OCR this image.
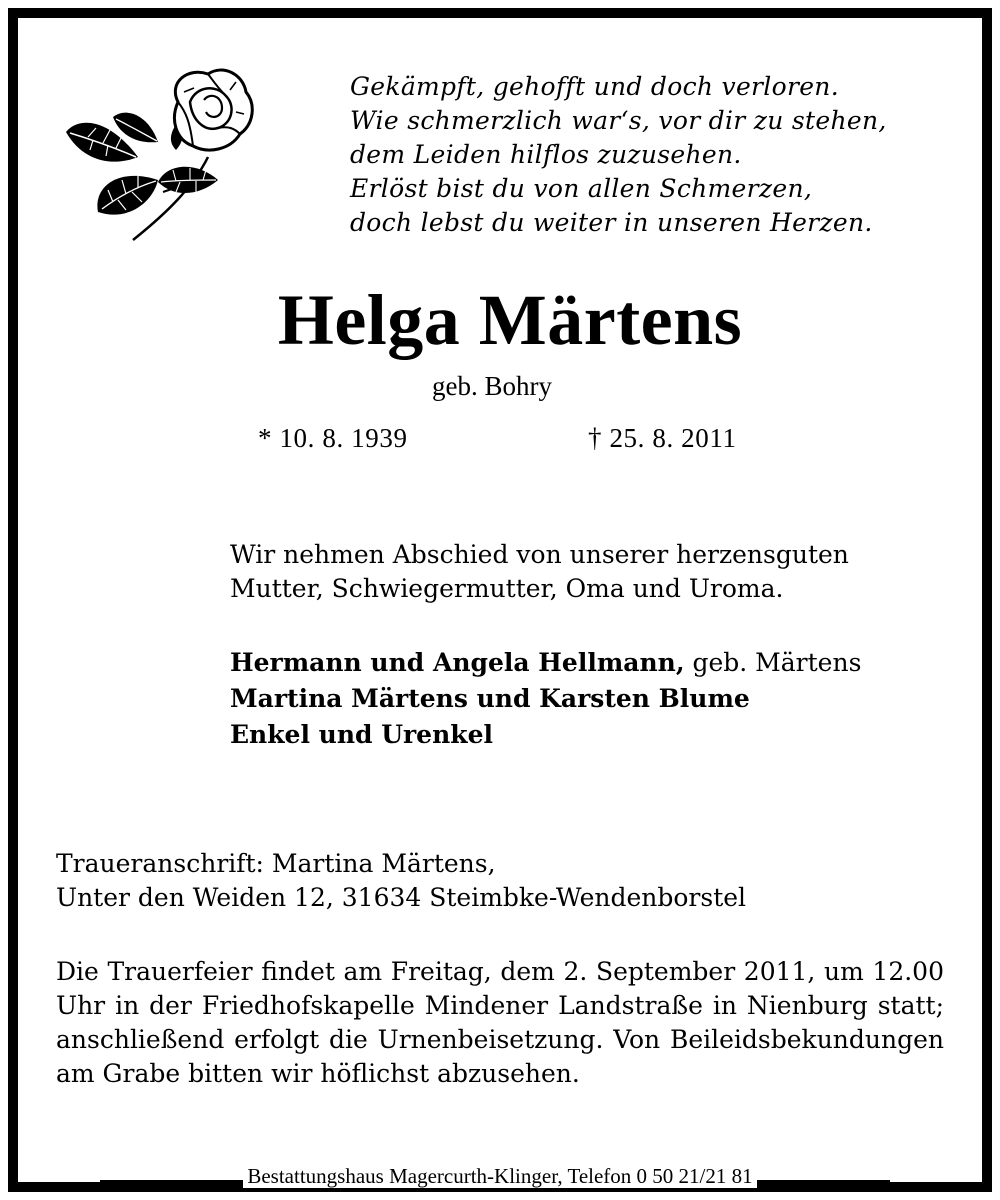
Gekämpft, gehofft und doch verloren.
Wie schmerzlich war‘s, vor dir zu stehen,
dem Leiden hilflos zuzusehen.
Erlöst bist du von allen Schmerzen,
doch lebst du weiter in unseren Herzen.
Helga Märtens
geb. Bohry
* 10. 8. 1939	† 25. 8. 2011
Wir nehmen Abschied von unserer herzensguten
Mutter, Schwiegermutter, Oma und Uroma.
Hermann und Angela Hellmann, geb. Märtens
Martina Märtens und Karsten Blume
Enkel und Urenkel
Traueranschrift: Martina Märtens,
Unter den Weiden 12, 31634 Steimbke-Wendenborstel
Die Trauerfeier findet am Freitag, dem 2. September 2011, um 12.00 Uhr in der Friedhofskapelle Mindener Landstraße in Nienburg statt; anschließend erfolgt die Urnenbeisetzung. Von Beileidsbekundungen am Grabe bitten wir höflichst abzusehen.
Bestattungshaus Magercurth-Klinger, Telefon 0 50 21/21 81
